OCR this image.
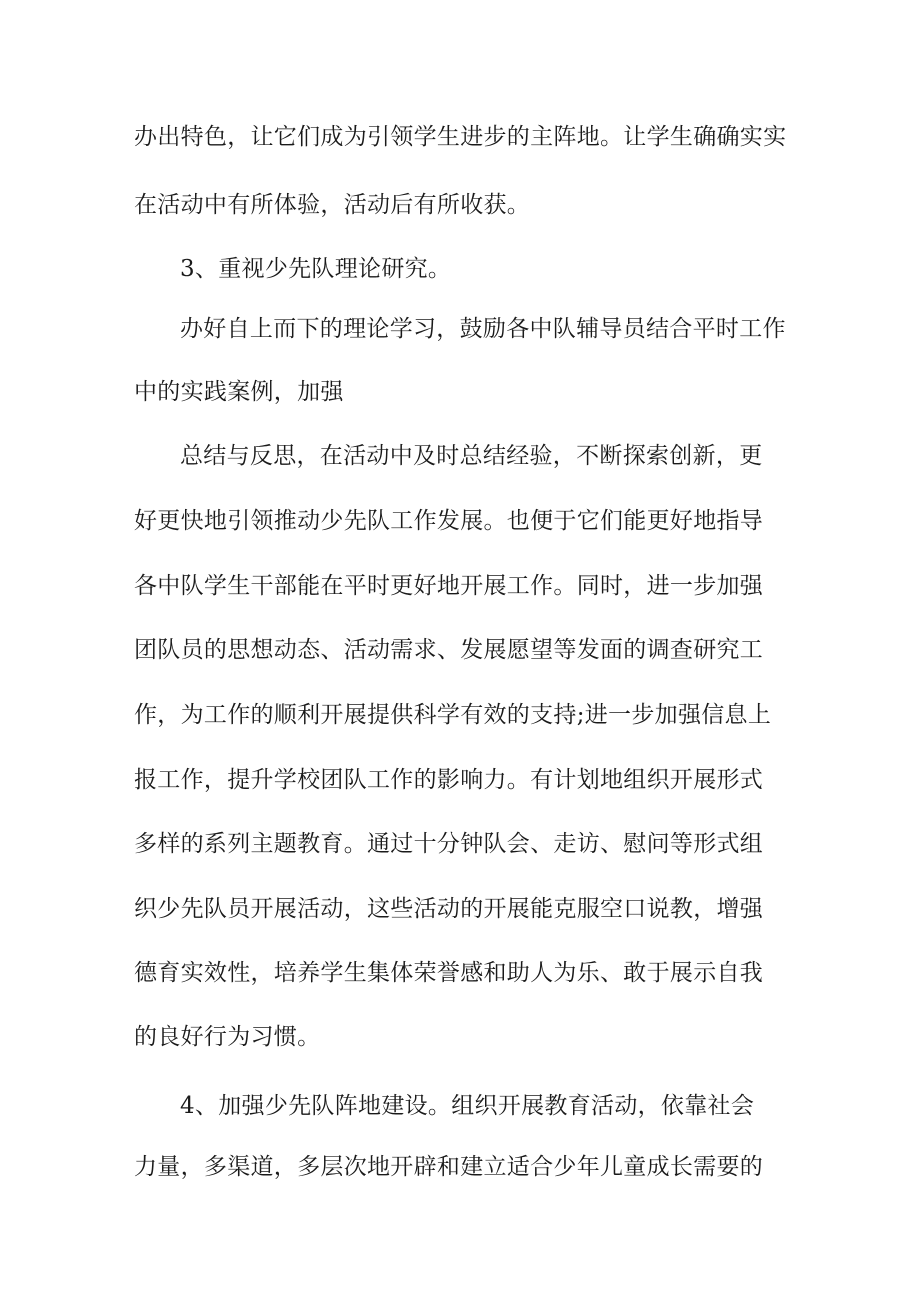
办出特色，让它们成为引领学生进步的主阵地。让学生确确实实
在活动中有所体验，活动后有所收获。
3、重视少先队理论研究。
办好自上而下的理论学习，鼓励各中队辅导员结合平时工作
中的实践案例，加强
总结与反思，在活动中及时总结经验，不断探索创新，更
好更快地引领推动少先队工作发展。也便于它们能更好地指导
各中队学生干部能在平时更好地开展工作。同时，进一步加强
团队员的思想动态、活动需求、发展愿望等发面的调查研究工
作，为工作的顺利开展提供科学有效的支持;进一步加强信息上
报工作，提升学校团队工作的影响力。有计划地组织开展形式
多样的系列主题教育。通过十分钟队会、走访、慰问等形式组
织少先队员开展活动，这些活动的开展能克服空口说教，增强
德育实效性，培养学生集体荣誉感和助人为乐、敢于展示自我
的良好行为习惯。
4、加强少先队阵地建设。组织开展教育活动，依靠社会
力量，多渠道，多层次地开辟和建立适合少年儿童成长需要的
